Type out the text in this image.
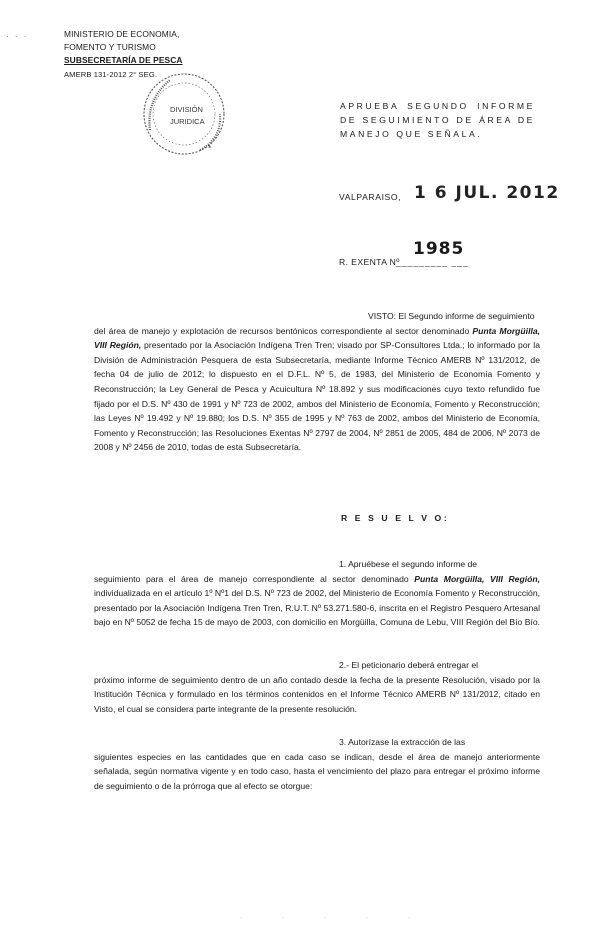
· · ·	MINISTERIO DE ECONOMIA,
FOMENTO Y TURISMO
SUBSECRETARÍA DE PESCA
AMERB 131-2012 2° SEG.
*
DIVISIÓN
JURIDICA
APRUEBA SEGUNDO INFORME DE SEGUIMIENTO DE ÁREA DE MANEJO QUE SEÑALA.
VALPARAISO, 1 6 JUL. 2012
R. EXENTA Nº
_________ ___
1985
VISTO: El Segundo informe de seguimiento
del área de manejo y explotación de recursos bentónicos correspondiente al sector denominado Punta Morgüilla, VIII Región, presentado por la Asociación Indígena Tren Tren; visado por SP-Consultores Ltda.; lo informado por la División de Administración Pesquera de esta Subsecretaría, mediante Informe Técnico AMERB Nº 131/2012, de fecha 04 de julio de 2012; lo dispuesto en el D.F.L. Nº 5, de 1983, del Ministerio de Economía Fomento y Reconstrucción; la Ley General de Pesca y Acuicultura Nº 18.892 y sus modificaciones cuyo texto refundido fue fijado por el D.S. Nº 430 de 1991 y Nº 723 de 2002, ambos del Ministerio de Economía, Fomento y Reconstrucción; las Leyes Nº 19.492 y Nº 19.880; los D.S. Nº 355 de 1995 y Nº 763 de 2002, ambos del Ministerio de Economía, Fomento y Reconstrucción; las Resoluciones Exentas Nº 2797 de 2004, Nº 2851 de 2005, 484 de 2006, Nº 2073 de 2008 y Nº 2456 de 2010, todas de esta Subsecretaría.
R E S U E L V O:
1. Apruébese el segundo informe de
seguimiento para el área de manejo correspondiente al sector denominado Punta Morgüilla, VIII Región, individualizada en el artículo 1º Nº1 del D.S. Nº 723 de 2002, del Ministerio de Economía Fomento y Reconstrucción, presentado por la Asociación Indígena Tren Tren, R.U.T. Nº 53.271.580-6, inscrita en el Registro Pesquero Artesanal bajo en Nº 5052 de fecha 15 de mayo de 2003, con domicilio en Morgüilla, Comuna de Lebu, VIII Región del Bío Bío.
2.- El peticionario deberá entregar el
próximo informe de seguimiento dentro de un año contado desde la fecha de la presente Resolución, visado por la Institución Técnica y formulado en los términos contenidos en el Informe Técnico AMERB Nº 131/2012, citado en Visto, el cual se considera parte integrante de la presente resolución.
3. Autorízase la extracción de las
siguientes especies en las cantidades que en cada caso se indican, desde el área de manejo anteriormente señalada, según normativa vigente y en todo caso, hasta el vencimiento del plazo para entregar el próximo informe de seguimiento o de la prórroga que al efecto se otorgue:
·····
